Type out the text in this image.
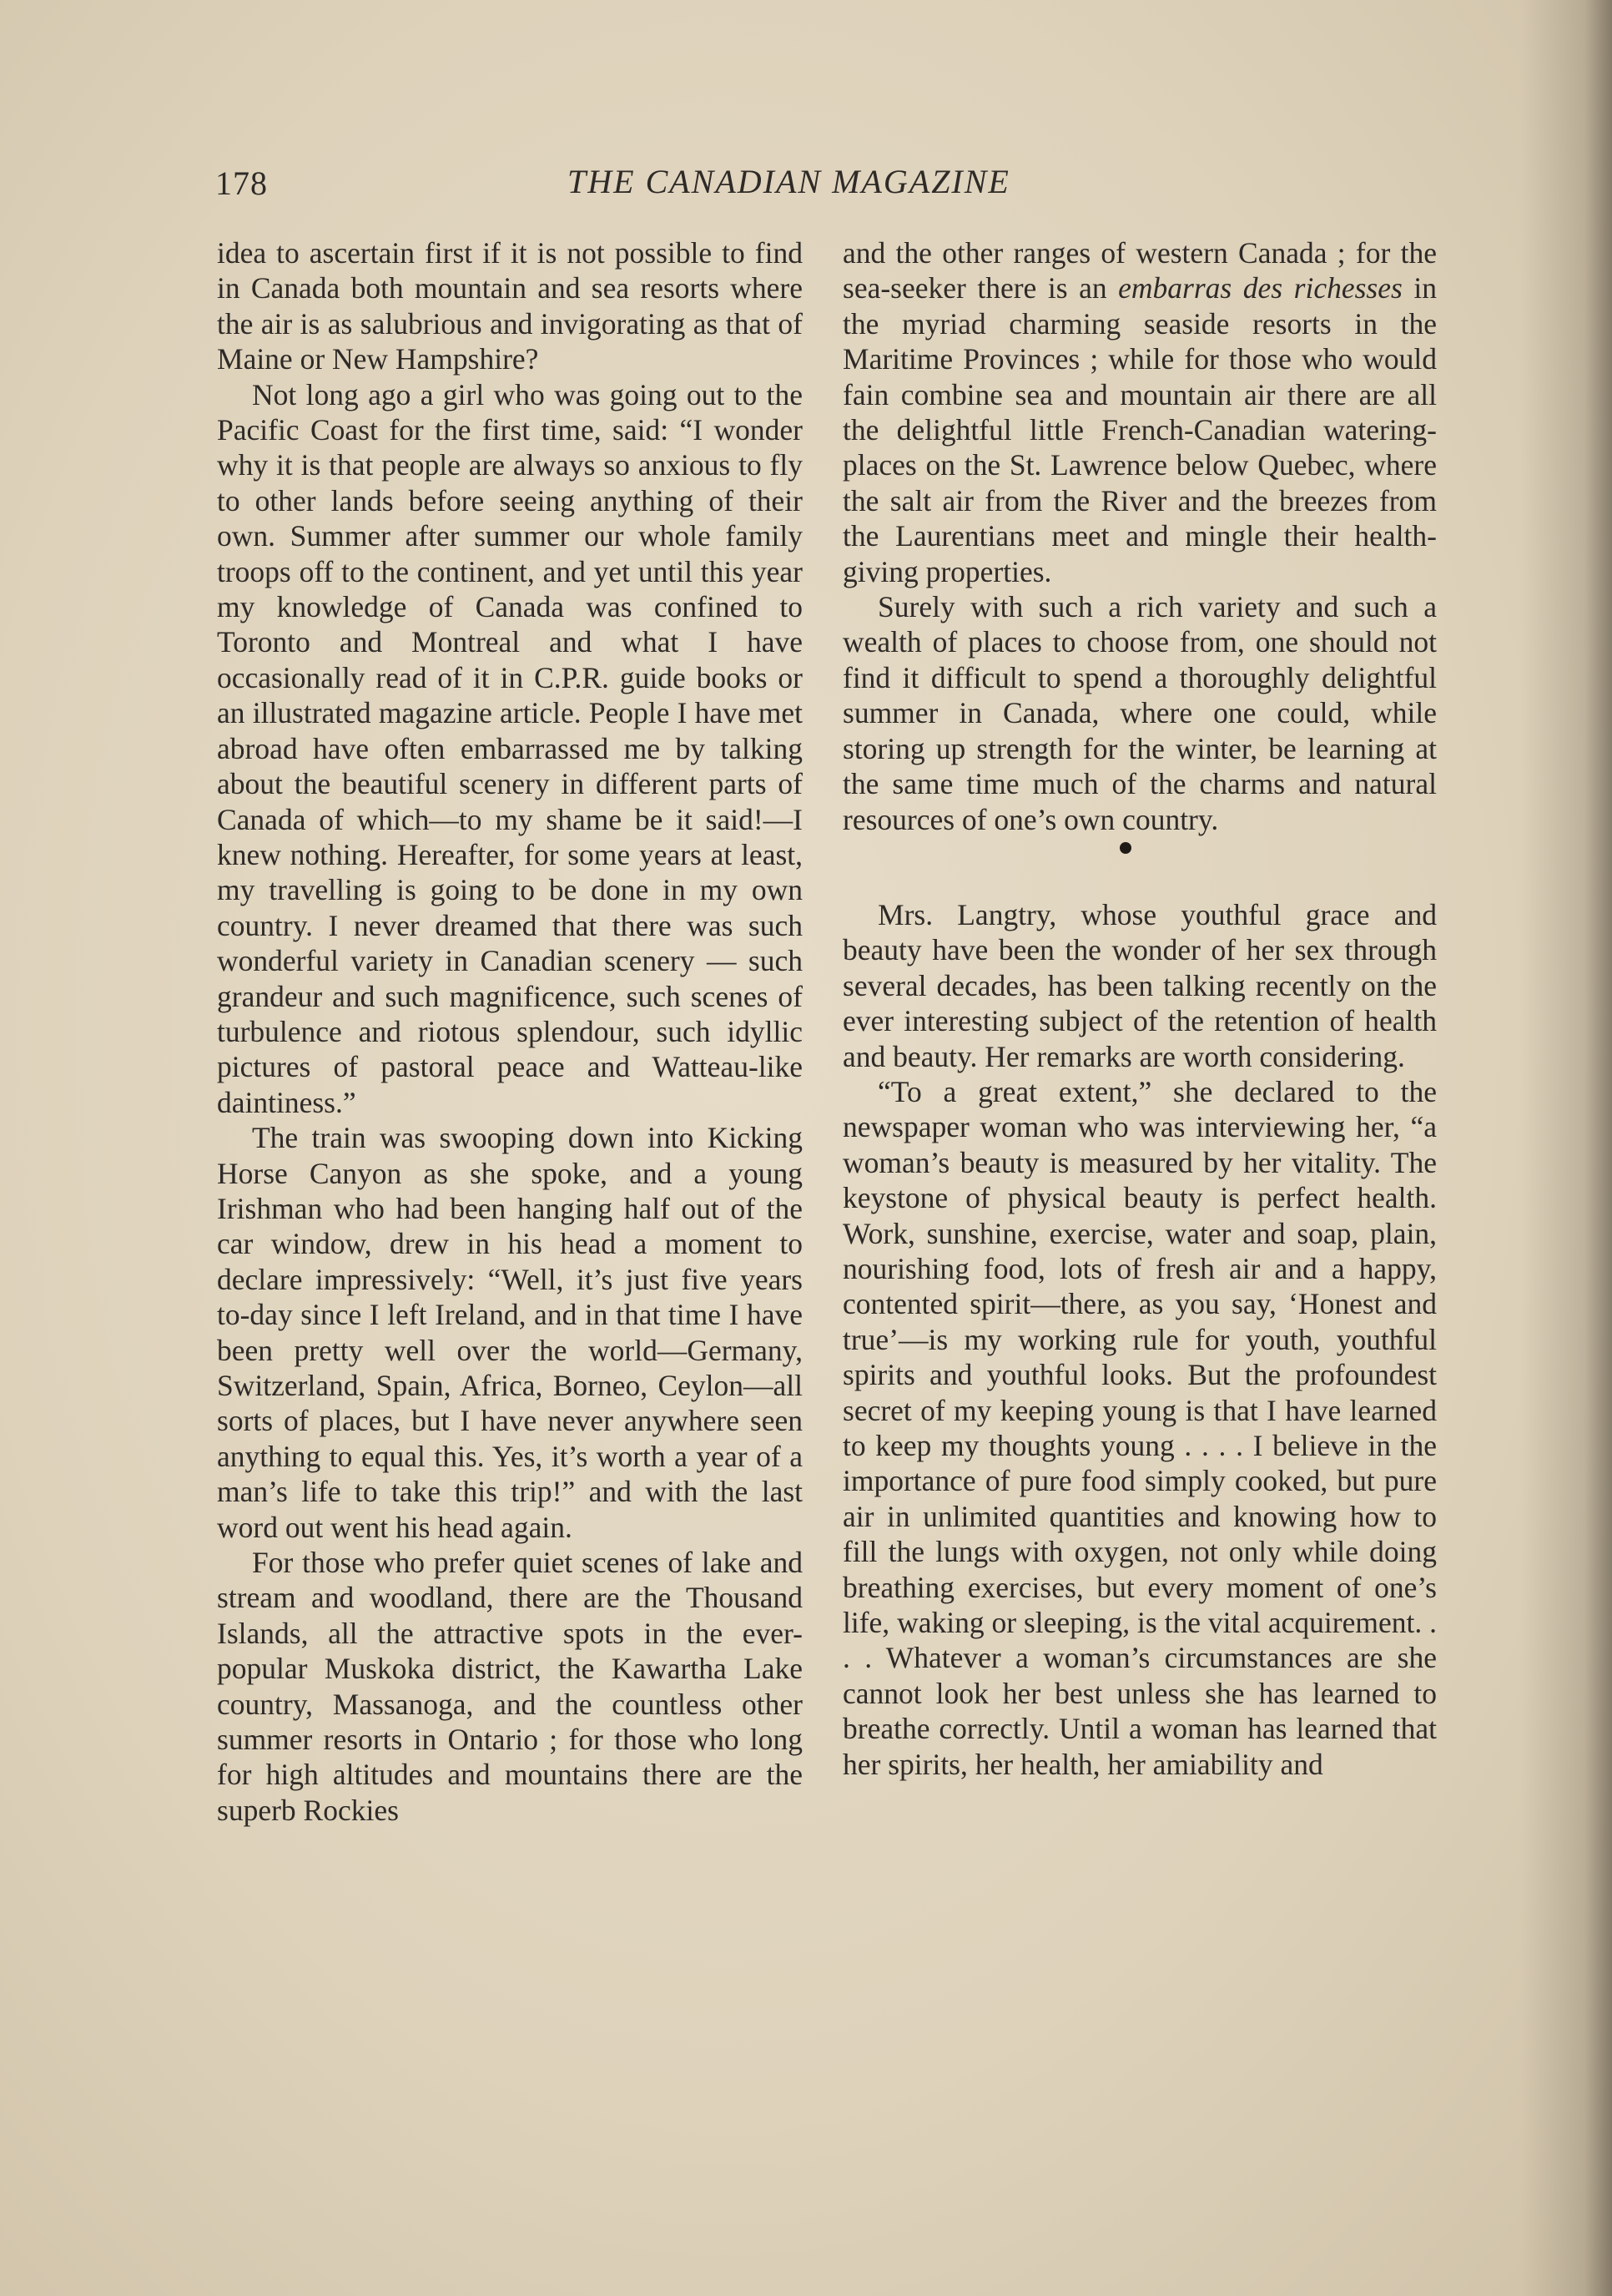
178	THE CANADIAN MAGAZINE

idea to ascertain first if it is not possible to find in Canada both mountain and sea resorts where the air is as salubrious and invigorating as that of Maine or New Hampshire?

Not long ago a girl who was going out to the Pacific Coast for the first time, said: “I wonder why it is that people are always so anxious to fly to other lands before seeing anything of their own. Summer after summer our whole family troops off to the continent, and yet until this year my knowledge of Canada was confined to Toronto and Montreal and what I have occasionally read of it in C.P.R. guide books or an illustrated magazine article. People I have met abroad have often embarrassed me by talking about the beautiful scenery in different parts of Canada of which—to my shame be it said!—I knew nothing. Hereafter, for some years at least, my travelling is going to be done in my own country. I never dreamed that there was such wonderful variety in Canadian scenery — such grandeur and such magnificence, such scenes of turbulence and riotous splendour, such idyllic pictures of pastoral peace and Watteau-like daintiness.”

The train was swooping down into Kicking Horse Canyon as she spoke, and a young Irishman who had been hanging half out of the car window, drew in his head a moment to declare impressively: “Well, it’s just five years to-day since I left Ireland, and in that time I have been pretty well over the world—Germany, Switzerland, Spain, Africa, Borneo, Ceylon—all sorts of places, but I have never anywhere seen anything to equal this. Yes, it’s worth a year of a man’s life to take this trip!” and with the last word out went his head again.

For those who prefer quiet scenes of lake and stream and woodland, there are the Thousand Islands, all the attractive spots in the ever-popular Muskoka district, the Kawartha Lake country, Massanoga, and the countless other summer resorts in Ontario ; for those who long for high altitudes and mountains there are the superb Rockies

and the other ranges of western Canada ; for the sea-seeker there is an embarras des richesses in the myriad charming seaside resorts in the Maritime Provinces ; while for those who would fain combine sea and mountain air there are all the delightful little French-Canadian watering-places on the St. Lawrence below Quebec, where the salt air from the River and the breezes from the Laurentians meet and mingle their health-giving properties.

Surely with such a rich variety and such a wealth of places to choose from, one should not find it difficult to spend a thoroughly delightful summer in Canada, where one could, while storing up strength for the winter, be learning at the same time much of the charms and natural resources of one’s own country.

Mrs. Langtry, whose youthful grace and beauty have been the wonder of her sex through several decades, has been talking recently on the ever interesting subject of the retention of health and beauty. Her remarks are worth considering.

“To a great extent,” she declared to the newspaper woman who was interviewing her, “a woman’s beauty is measured by her vitality. The keystone of physical beauty is perfect health. Work, sunshine, exercise, water and soap, plain, nourishing food, lots of fresh air and a happy, contented spirit—there, as you say, ‘Honest and true’—is my working rule for youth, youthful spirits and youthful looks. But the profoundest secret of my keeping young is that I have learned to keep my thoughts young . . . . I believe in the importance of pure food simply cooked, but pure air in unlimited quantities and knowing how to fill the lungs with oxygen, not only while doing breathing exercises, but every moment of one’s life, waking or sleeping, is the vital acquirement. . . . Whatever a woman’s circumstances are she cannot look her best unless she has learned to breathe correctly. Until a woman has learned that her spirits, her health, her amiability and
